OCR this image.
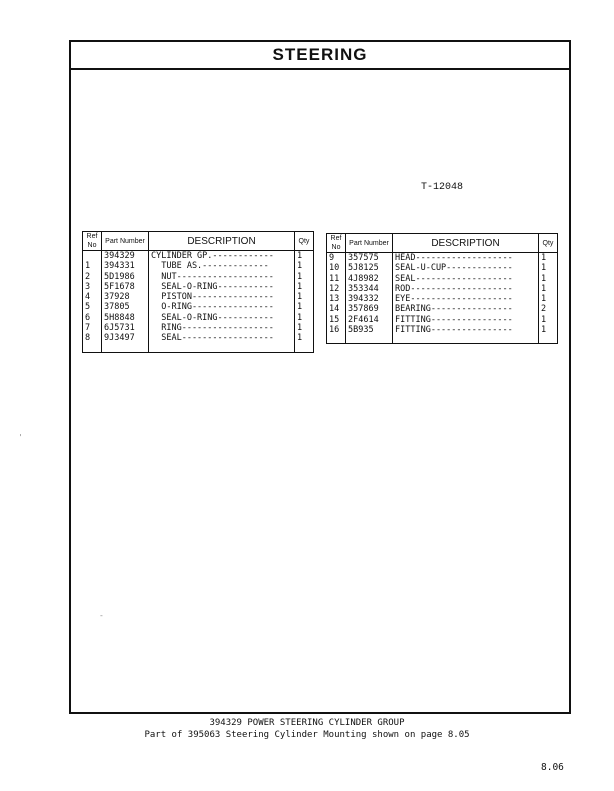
STEERING
T-12048
Ref No	Part Number	DESCRIPTION	Qty
	394329	CYLINDER GP.------------	1
1	394331	TUBE AS.-------------	1
2	5D1986	NUT-------------------	1
3	5F1678	SEAL-O-RING-----------	1
4	37928	PISTON----------------	1
5	37805	O-RING----------------	1
6	5H8848	SEAL-O-RING-----------	1
7	6J5731	RING------------------	1
8	9J3497	SEAL------------------	1

Ref No	Part Number	DESCRIPTION	Qty
9	357575	HEAD-------------------	1
10	5J8125	SEAL-U-CUP-------------	1
11	4J8982	SEAL-------------------	1
12	353344	ROD--------------------	1
13	394332	EYE--------------------	1
14	357869	BEARING----------------	2
15	2F4614	FITTING----------------	1
16	5B935	FITTING----------------	1

'
-
394329 POWER STEERING CYLINDER GROUP
Part of 395063 Steering Cylinder Mounting shown on page 8.05
8.06
